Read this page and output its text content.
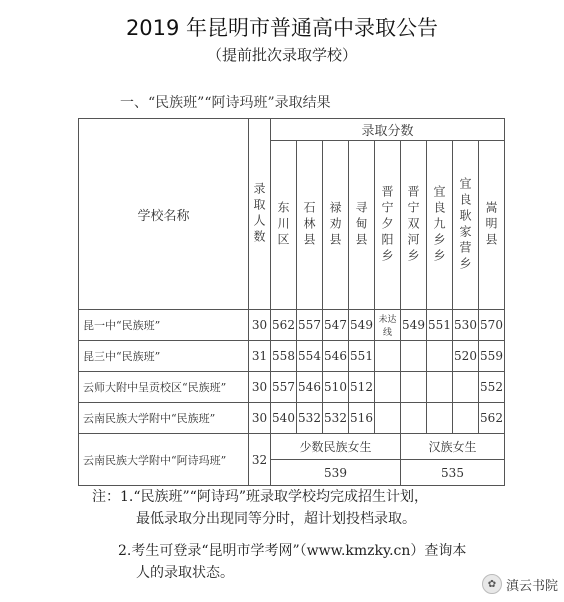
2019 年昆明市普通高中录取公告
（提前批次录取学校）
一、“民族班”“阿诗玛班”录取结果
学校名称	录取人数	录取分数								

		东川区	石林县	禄劝县	寻甸县	晋宁夕阳乡	晋宁双河乡	宜良九乡乡	宜良耿家营乡	嵩明县

昆一中“民族班”	30	562	557	547	549	未达线	549	551	530	570
昆三中“民族班”	31	558	554	546	551				520	559
云师大附中呈贡校区“民族班”	30	557	546	510	512					552
云南民族大学附中“民族班”	30	540	532	532	516					562
云南民族大学附中“阿诗玛班”	32	少数民族女生					汉族女生			
		539					535			
注：1.“民族班”“阿诗玛”班录取学校均完成招生计划，
最低录取分出现同等分时，超计划投档录取。
2.考生可登录“昆明市学考网”（www.kmzky.cn）查询本
人的录取状态。
✿ 滇云书院
